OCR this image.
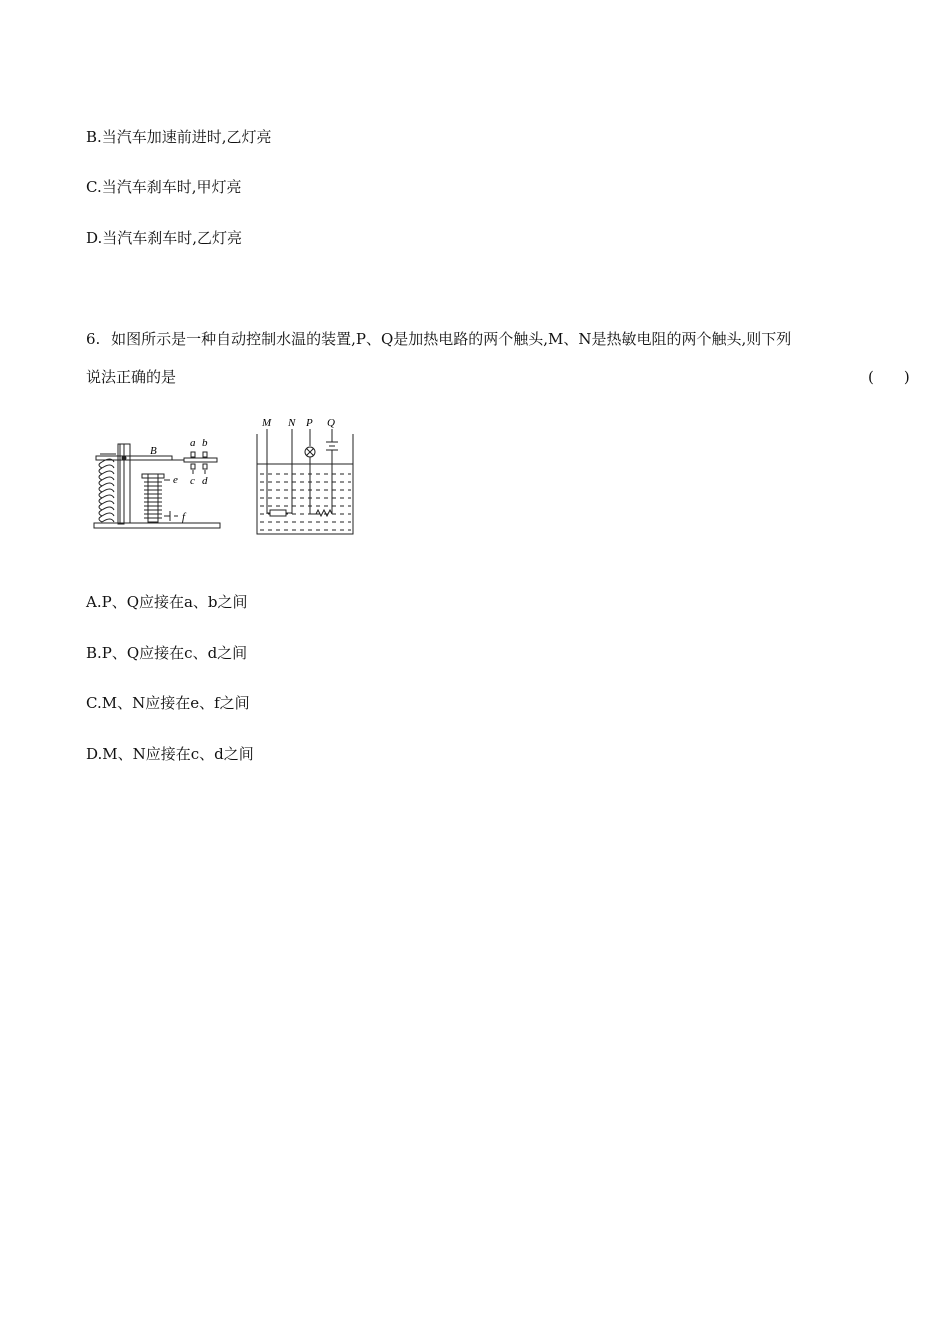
B.当汽车加速前进时,乙灯亮
C.当汽车刹车时,甲灯亮
D.当汽车刹车时,乙灯亮
6. 如图所示是一种自动控制水温的装置,P、Q是加热电路的两个触头,M、N是热敏电阻的两个触头,则下列
说法正确的是	(　　)
B
a b
c d
e
f
M N P Q
A.P、Q应接在a、b之间
B.P、Q应接在c、d之间
C.M、N应接在e、f之间
D.M、N应接在c、d之间
